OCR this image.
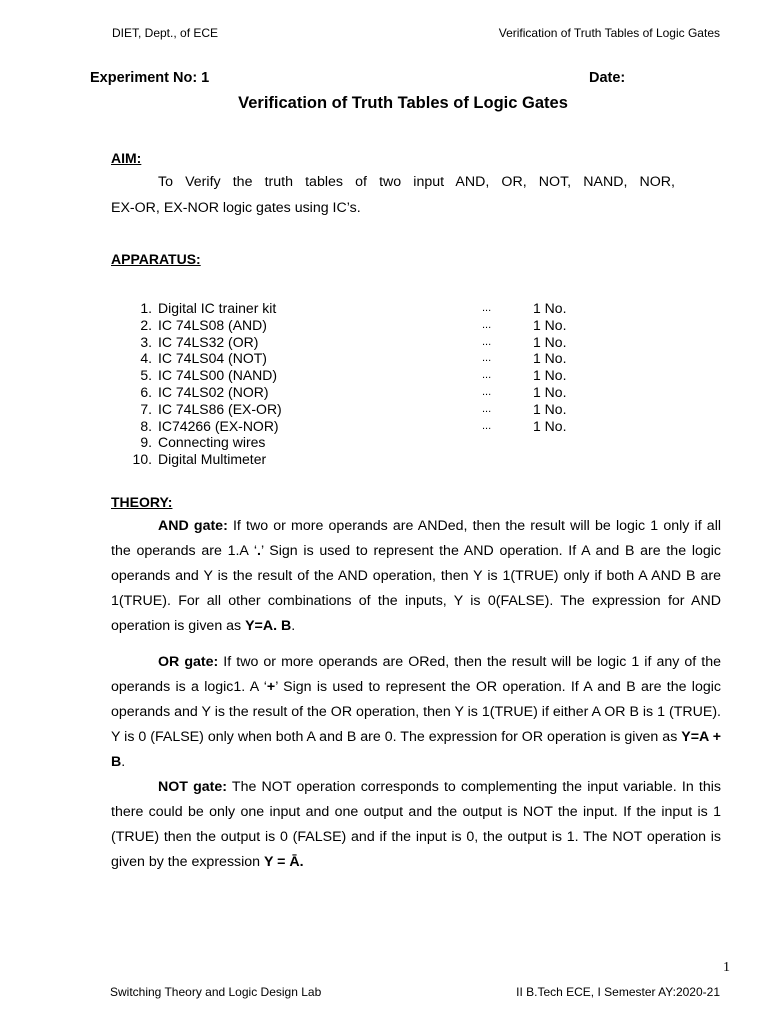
DIET, Dept., of ECE	Verification of Truth Tables of Logic Gates
Experiment No: 1	Date:
Verification of Truth Tables of Logic Gates
AIM:
To Verify the truth tables of two input AND, OR, NOT, NAND, NOR,
EX-OR, EX-NOR logic gates using IC’s.
APPARATUS:
1. Digital IC trainer kit	...	1 No.
2. IC 74LS08 (AND)	...	1 No.
3. IC 74LS32 (OR)	...	1 No.
4. IC 74LS04 (NOT)	...	1 No.
5. IC 74LS00 (NAND)	...	1 No.
6. IC 74LS02 (NOR)	...	1 No.
7. IC 74LS86 (EX-OR)	...	1 No.
8. IC74266 (EX-NOR)	...	1 No.
9. Connecting wires
10. Digital Multimeter
THEORY:
AND gate: If two or more operands are ANDed, then the result will be logic 1 only if all the operands are 1.A ‘.’ Sign is used to represent the AND operation. If A and B are the logic operands and Y is the result of the AND operation, then Y is 1(TRUE) only if both A AND B are 1(TRUE). For all other combinations of the inputs, Y is 0(FALSE). The expression for AND operation is given as Y=A. B.
OR gate: If two or more operands are ORed, then the result will be logic 1 if any of the operands is a logic1. A ‘+’ Sign is used to represent the OR operation. If A and B are the logic operands and Y is the result of the OR operation, then Y is 1(TRUE) if either A OR B is 1 (TRUE). Y is 0 (FALSE) only when both A and B are 0. The expression for OR operation is given as Y=A + B.
NOT gate: The NOT operation corresponds to complementing the input variable. In this there could be only one input and one output and the output is NOT the input. If the input is 1 (TRUE) then the output is 0 (FALSE) and if the input is 0, the output is 1. The NOT operation is given by the expression Y = Ā.
1
Switching Theory and Logic Design Lab	II B.Tech ECE, I Semester AY:2020-21
